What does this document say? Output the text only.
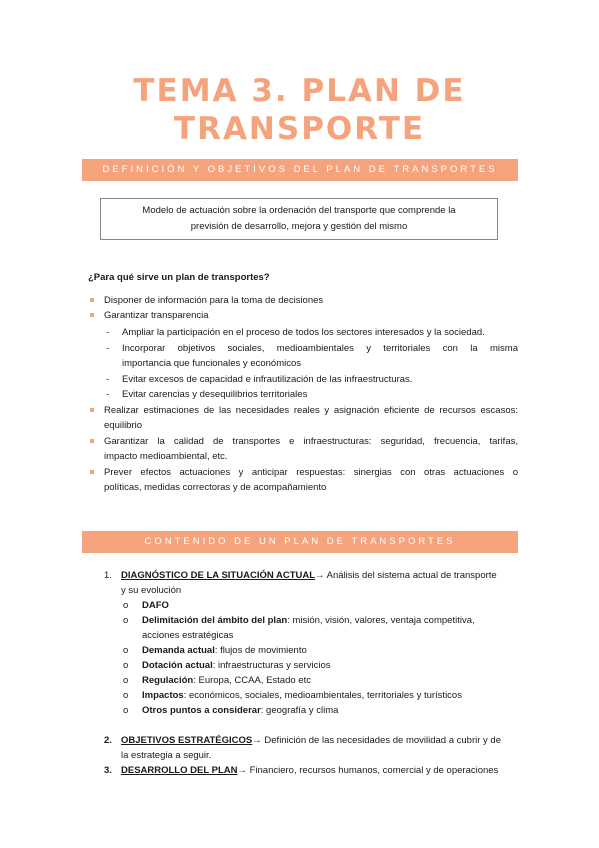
TEMA 3. PLAN DE
TRANSPORTE
DEFINICIÓN Y OBJETIVOS DEL PLAN DE TRANSPORTES
Modelo de actuación sobre la ordenación del transporte que comprende la
previsión de desarrollo, mejora y gestión del mismo
¿Para qué sirve un plan de transportes?
Disponer de información para la toma de decisiones
Garantizar transparencia
- Ampliar la participación en el proceso de todos los sectores interesados y la sociedad.
- Incorporar objetivos sociales, medioambientales y territoriales con la misma
importancia que funcionales y económicos
- Evitar excesos de capacidad e infrautilización de las infraestructuras.
- Evitar carencias y desequilibrios territoriales
Realizar estimaciones de las necesidades reales y asignación eficiente de recursos escasos:
equilibrio
Garantizar la calidad de transportes e infraestructuras: seguridad, frecuencia, tarifas,
impacto medioambiental, etc.
Prever efectos actuaciones y anticipar respuestas: sinergias con otras actuaciones o
políticas, medidas correctoras y de acompañamiento
CONTENIDO DE UN PLAN DE TRANSPORTES
1. DIAGNÓSTICO DE LA SITUACIÓN ACTUAL→ Análisis del sistema actual de transporte
y su evolución
o DAFO
o Delimitación del ámbito del plan: misión, visión, valores, ventaja competitiva,
acciones estratégicas
o Demanda actual: flujos de movimiento
o Dotación actual: infraestructuras y servicios
o Regulación: Europa, CCAA, Estado etc
o Impactos: económicos, sociales, medioambientales, territoriales y turísticos
o Otros puntos a considerar: geografía y clima
2. OBJETIVOS ESTRATÉGICOS→ Definición de las necesidades de movilidad a cubrir y de
la estrategia a seguir.
3. DESARROLLO DEL PLAN→ Financiero, recursos humanos, comercial y de operaciones
